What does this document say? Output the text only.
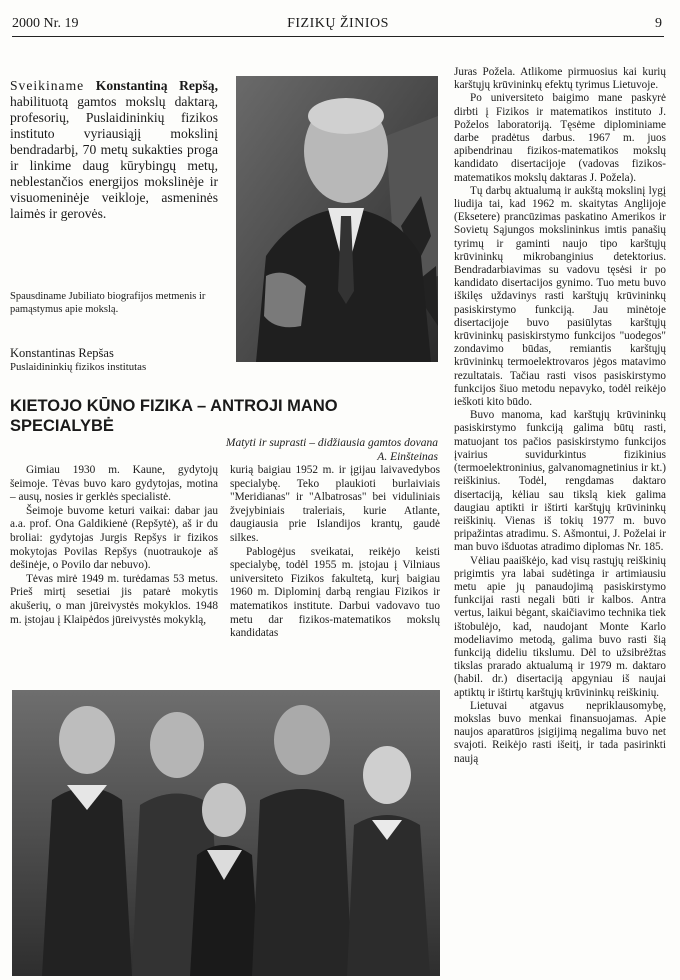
2000 Nr. 19	FIZIKŲ ŽINIOS	9
Sveikiname Konstantiną Repšą, habilituotą gamtos mokslų daktarą, profesorių, Puslaidininkių fizikos instituto vyriausiąjį mokslinį bendradarbį, 70 metų sukakties proga ir linkime daug kūrybingų metų, neblestančios energijos mokslinėje ir visuomeninėje veikloje, asmeninės laimės ir gerovės.
Spausdiname Jubiliato biografijos metmenis ir pamąstymus apie mokslą.
Konstantinas Repšas
Puslaidininkių fizikos institutas
KIETOJO KŪNO FIZIKA – ANTROJI MANO SPECIALYBĖ
Matyti ir suprasti – didžiausia gamtos dovana
A. Einšteinas

Gimiau 1930 m. Kaune, gydytojų šeimoje. Tėvas buvo karo gydytojas, motina – ausų, nosies ir gerklės specialistė.

Šeimoje buvome keturi vaikai: dabar jau a.a. prof. Ona Galdikienė (Repšytė), aš ir du broliai: gydytojas Jurgis Repšys ir fizikos mokytojas Povilas Repšys (nuotraukoje aš dešinėje, o Povilo dar nebuvo).

Tėvas mirė 1949 m. turėdamas 53 metus. Prieš mirtį sesetiai jis patarė mokytis akušerių, o man jūreivystės mokyklos. 1948 m. įstojau į Klaipėdos jūreivystės mokyklą,

kurią baigiau 1952 m. ir įgijau laivavedybos specialybę. Teko plaukioti burlaiviais "Meridianas" ir "Albatrosas" bei viduliniais žvejybiniais traleriais, kurie Atlante, daugiausia prie Islandijos krantų, gaudė silkes.

Pablogėjus sveikatai, reikėjo keisti specialybę, todėl 1955 m. įstojau į Vilniaus universiteto Fizikos fakultetą, kurį baigiau 1960 m. Diplominį darbą rengiau Fizikos ir matematikos institute. Darbui vadovavo tuo metu dar fizikos-matematikos mokslų kandidatas

Juras Požela. Atlikome pirmuosius kai kurių karštųjų krūvininkų efektų tyrimus Lietuvoje.

Po universiteto baigimo mane paskyrė dirbti į Fizikos ir matematikos instituto J. Poželos laboratoriją. Tęsėme diplominiame darbe pradėtus darbus. 1967 m. juos apibendrinau fizikos-matematikos mokslų kandidato disertacijoje (vadovas fizikos-matematikos mokslų daktaras J. Požela).

Tų darbų aktualumą ir aukštą mokslinį lygį liudija tai, kad 1962 m. skaitytas Anglijoje (Eksetere) prancūzimas paskatino Amerikos ir Sovietų Sąjungos mokslininkus imtis panašių tyrimų ir gaminti naujo tipo karštųjų krūvininkų mikrobanginius detektorius. Bendradarbiavimas su vadovu tęsėsi ir po kandidato disertacijos gynimo. Tuo metu buvo iškilęs uždavinys rasti karštųjų krūvininkų pasiskirstymo funkciją. Jau minėtoje disertacijoje buvo pasiūlytas karštųjų krūvininkų pasiskirstymo funkcijos "uodegos" zondavimo būdas, remiantis karštųjų krūvininkų termoelektrovaros jėgos matavimo rezultatais. Tačiau rasti visos pasiskirstymo funkcijos šiuo metodu nepavyko, todėl reikėjo ieškoti kito būdo.

Buvo manoma, kad karštųjų krūvininkų pasiskirstymo funkciją galima būtų rasti, matuojant tos pačios pasiskirstymo funkcijos įvairius suvidurkintus fizikinius (termoelektroninius, galvanomagnetinius ir kt.) reiškinius. Todėl, rengdamas daktaro disertaciją, kėliau sau tikslą kiek galima daugiau aptikti ir ištirti karštųjų krūvininkų reiškinių. Vienas iš tokių 1977 m. buvo pripažintas atradimu. S. Ašmontui, J. Poželai ir man buvo išduotas atradimo diplomas Nr. 185.

Vėliau paaiškėjo, kad visų rastųjų reiškinių prigimtis yra labai sudėtinga ir artimiausiu metu apie jų panaudojimą pasiskirstymo funkcijai rasti negali būti ir kalbos. Antra vertus, laikui bėgant, skaičiavimo technika tiek ištobulėjo, kad, naudojant Monte Karlo modeliavimo metodą, galima buvo rasti šią funkciją dideliu tikslumu. Dėl to užsibrėžtas tikslas prarado aktualumą ir 1979 m. daktaro (habil. dr.) disertaciją apgyniau iš naujai aptiktų ir ištirtų karštųjų krūvininkų reiškinių.

Lietuvai atgavus nepriklausomybę, mokslas buvo menkai finansuojamas. Apie naujos aparatūros įsigijimą negalima buvo net svajoti. Reikėjo rasti išeitį, ir tada pasirinkti naują
